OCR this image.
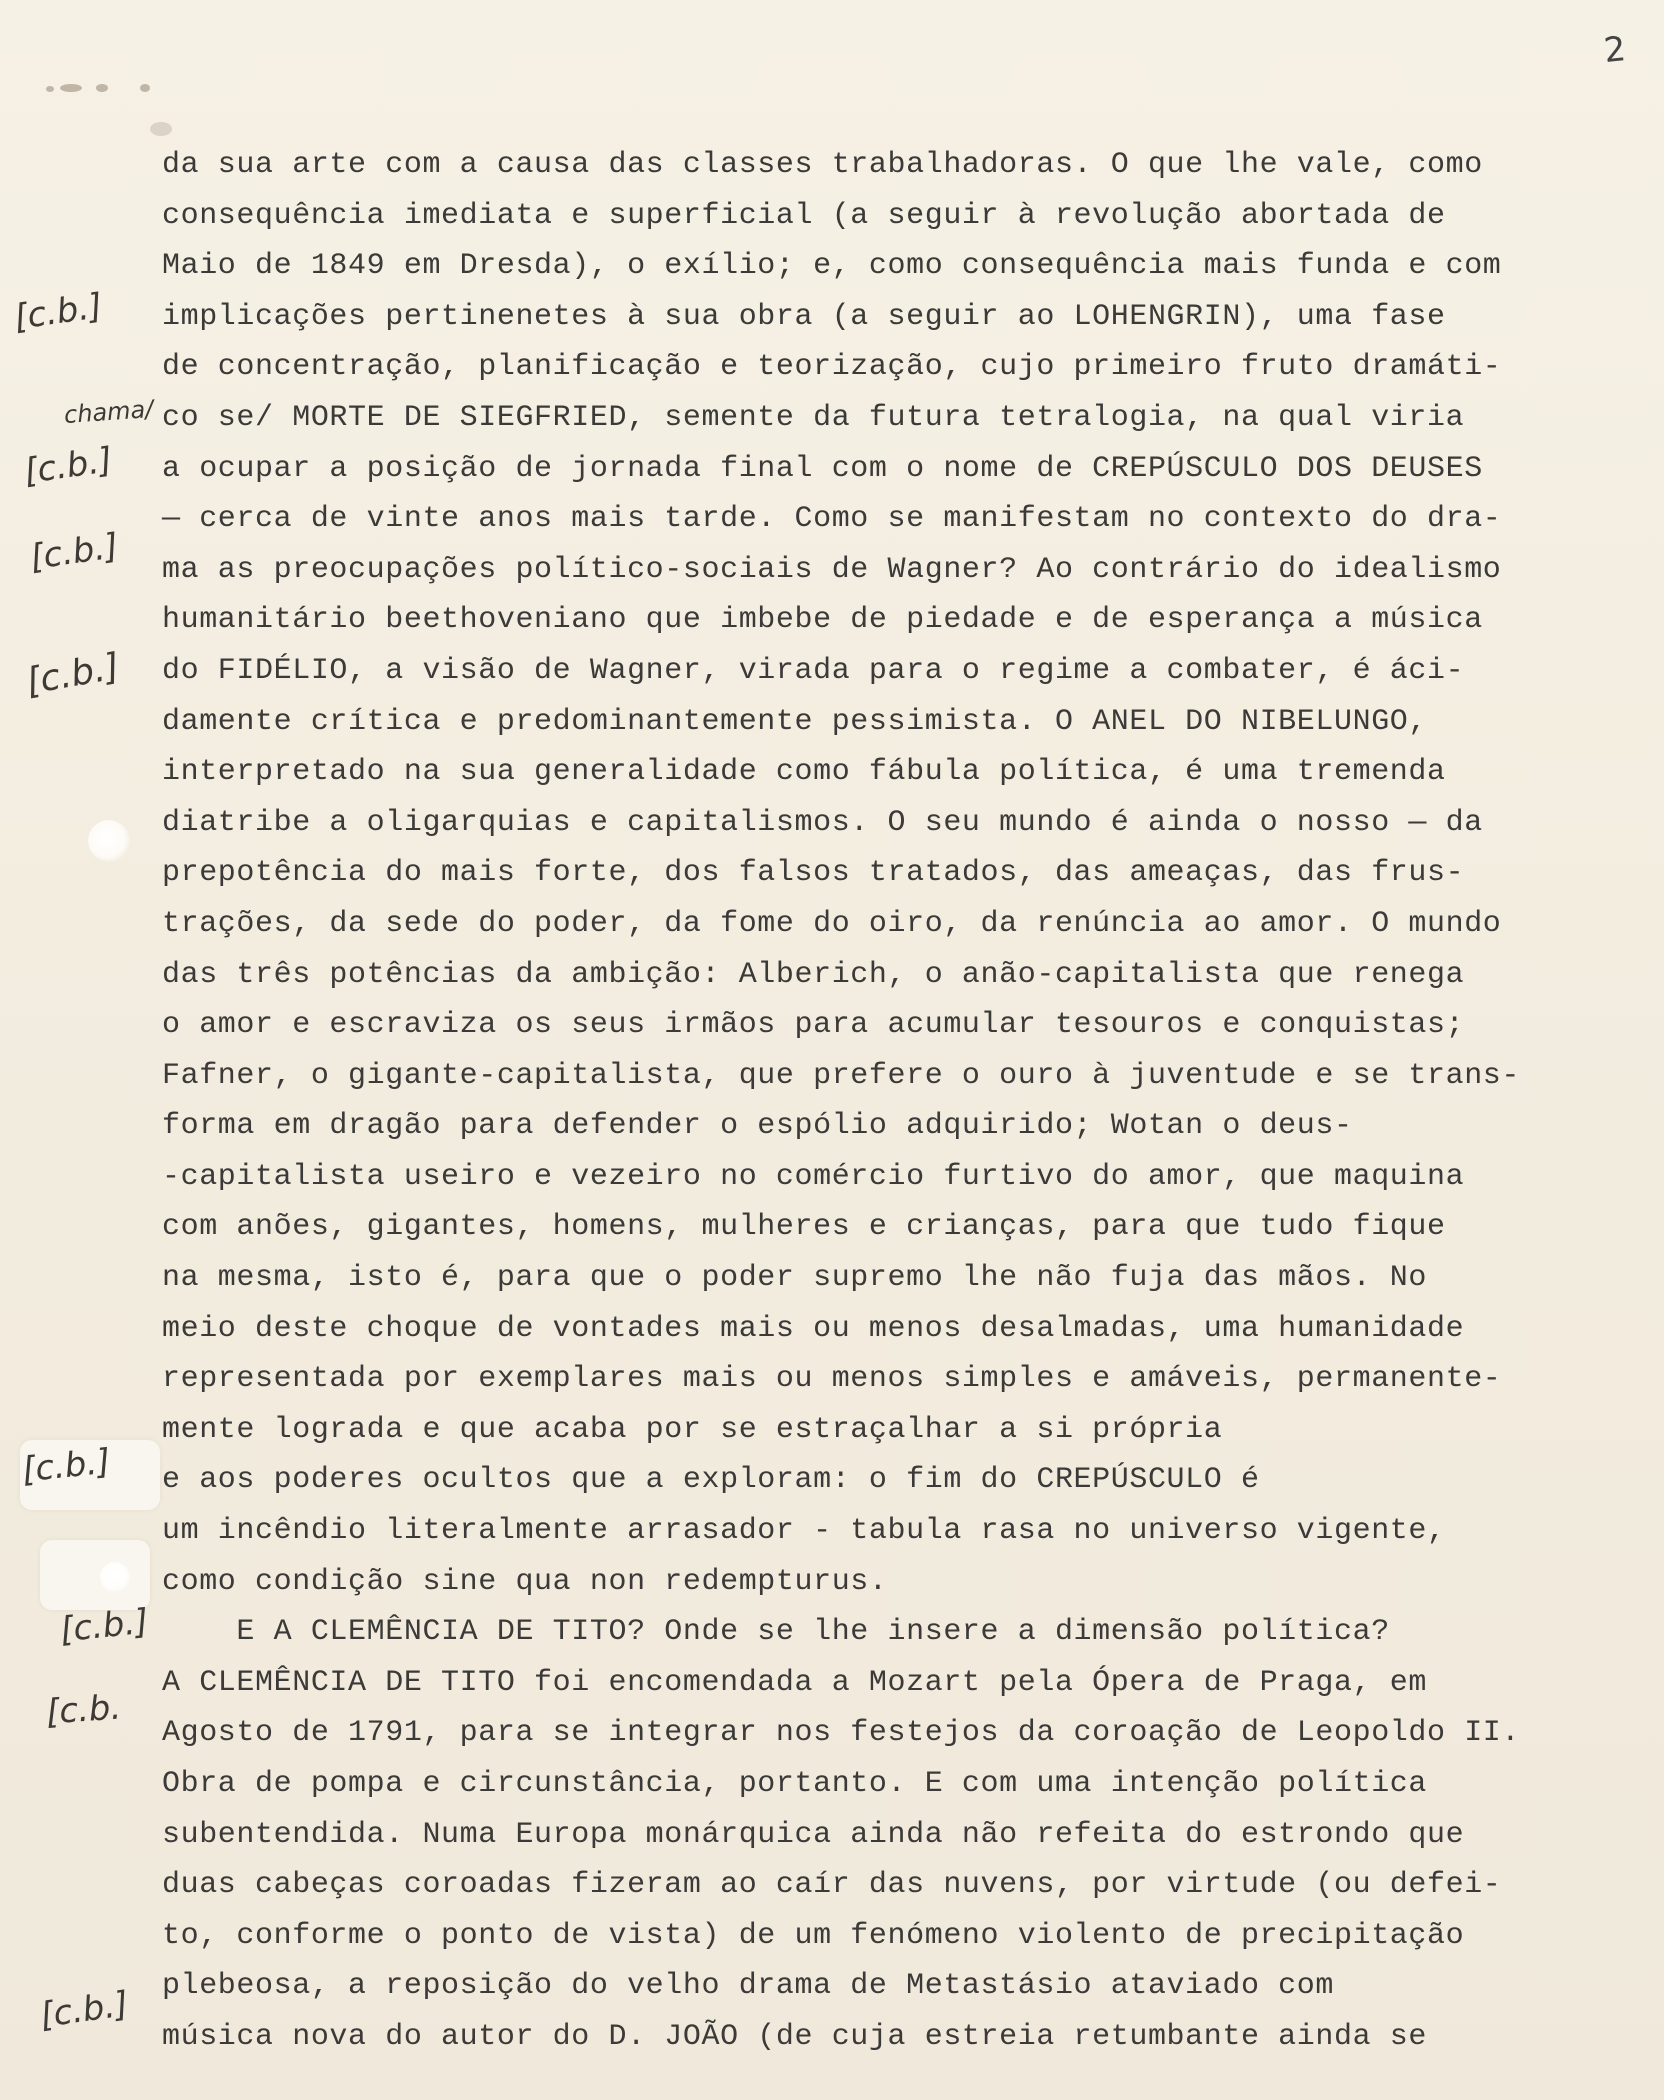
2
da sua arte com a causa das classes trabalhadoras. O que lhe vale, como
consequência imediata e superficial (a seguir à revolução abortada de
Maio de 1849 em Dresda), o exílio; e, como consequência mais funda e com
implicações pertinenetes à sua obra (a seguir ao LOHENGRIN), uma fase
de concentração, planificação e teorização, cujo primeiro fruto dramáti-
co se/ MORTE DE SIEGFRIED, semente da futura tetralogia, na qual viria
a ocupar a posição de jornada final com o nome de CREPÚSCULO DOS DEUSES
— cerca de vinte anos mais tarde. Como se manifestam no contexto do dra-
ma as preocupações político-sociais de Wagner? Ao contrário do idealismo
humanitário beethoveniano que imbebe de piedade e de esperança a música
do FIDÉLIO, a visão de Wagner, virada para o regime a combater, é áci-
damente crítica e predominantemente pessimista. O ANEL DO NIBELUNGO,
interpretado na sua generalidade como fábula política, é uma tremenda
diatribe a oligarquias e capitalismos. O seu mundo é ainda o nosso — da
prepotência do mais forte, dos falsos tratados, das ameaças, das frus-
trações, da sede do poder, da fome do oiro, da renúncia ao amor. O mundo
das três potências da ambição: Alberich, o anão-capitalista que renega
o amor e escraviza os seus irmãos para acumular tesouros e conquistas;
Fafner, o gigante-capitalista, que prefere o ouro à juventude e se trans-
forma em dragão para defender o espólio adquirido; Wotan o deus-
-capitalista useiro e vezeiro no comércio furtivo do amor, que maquina
com anões, gigantes, homens, mulheres e crianças, para que tudo fique
na mesma, isto é, para que o poder supremo lhe não fuja das mãos. No
meio deste choque de vontades mais ou menos desalmadas, uma humanidade
representada por exemplares mais ou menos simples e amáveis, permanente-
mente lograda e que acaba por se estraçalhar a si própria
e aos poderes ocultos que a exploram: o fim do CREPÚSCULO é
um incêndio literalmente arrasador - tabula rasa no universo vigente,
como condição sine qua non redempturus.
E A CLEMÊNCIA DE TITO? Onde se lhe insere a dimensão política?
A CLEMÊNCIA DE TITO foi encomendada a Mozart pela Ópera de Praga, em
Agosto de 1791, para se integrar nos festejos da coroação de Leopoldo II.
Obra de pompa e circunstância, portanto. E com uma intenção política
subentendida. Numa Europa monárquica ainda não refeita do estrondo que
duas cabeças coroadas fizeram ao caír das nuvens, por virtude (ou defei-
to, conforme o ponto de vista) de um fenómeno violento de precipitação
plebeosa, a reposição do velho drama de Metastásio ataviado com
música nova do autor do D. JOÃO (de cuja estreia retumbante ainda se
[c.b.]
chama/
[c.b.]
[c.b.]
[c.b.]
[c.b.]
[c.b.]
[c.b.
[c.b.]
